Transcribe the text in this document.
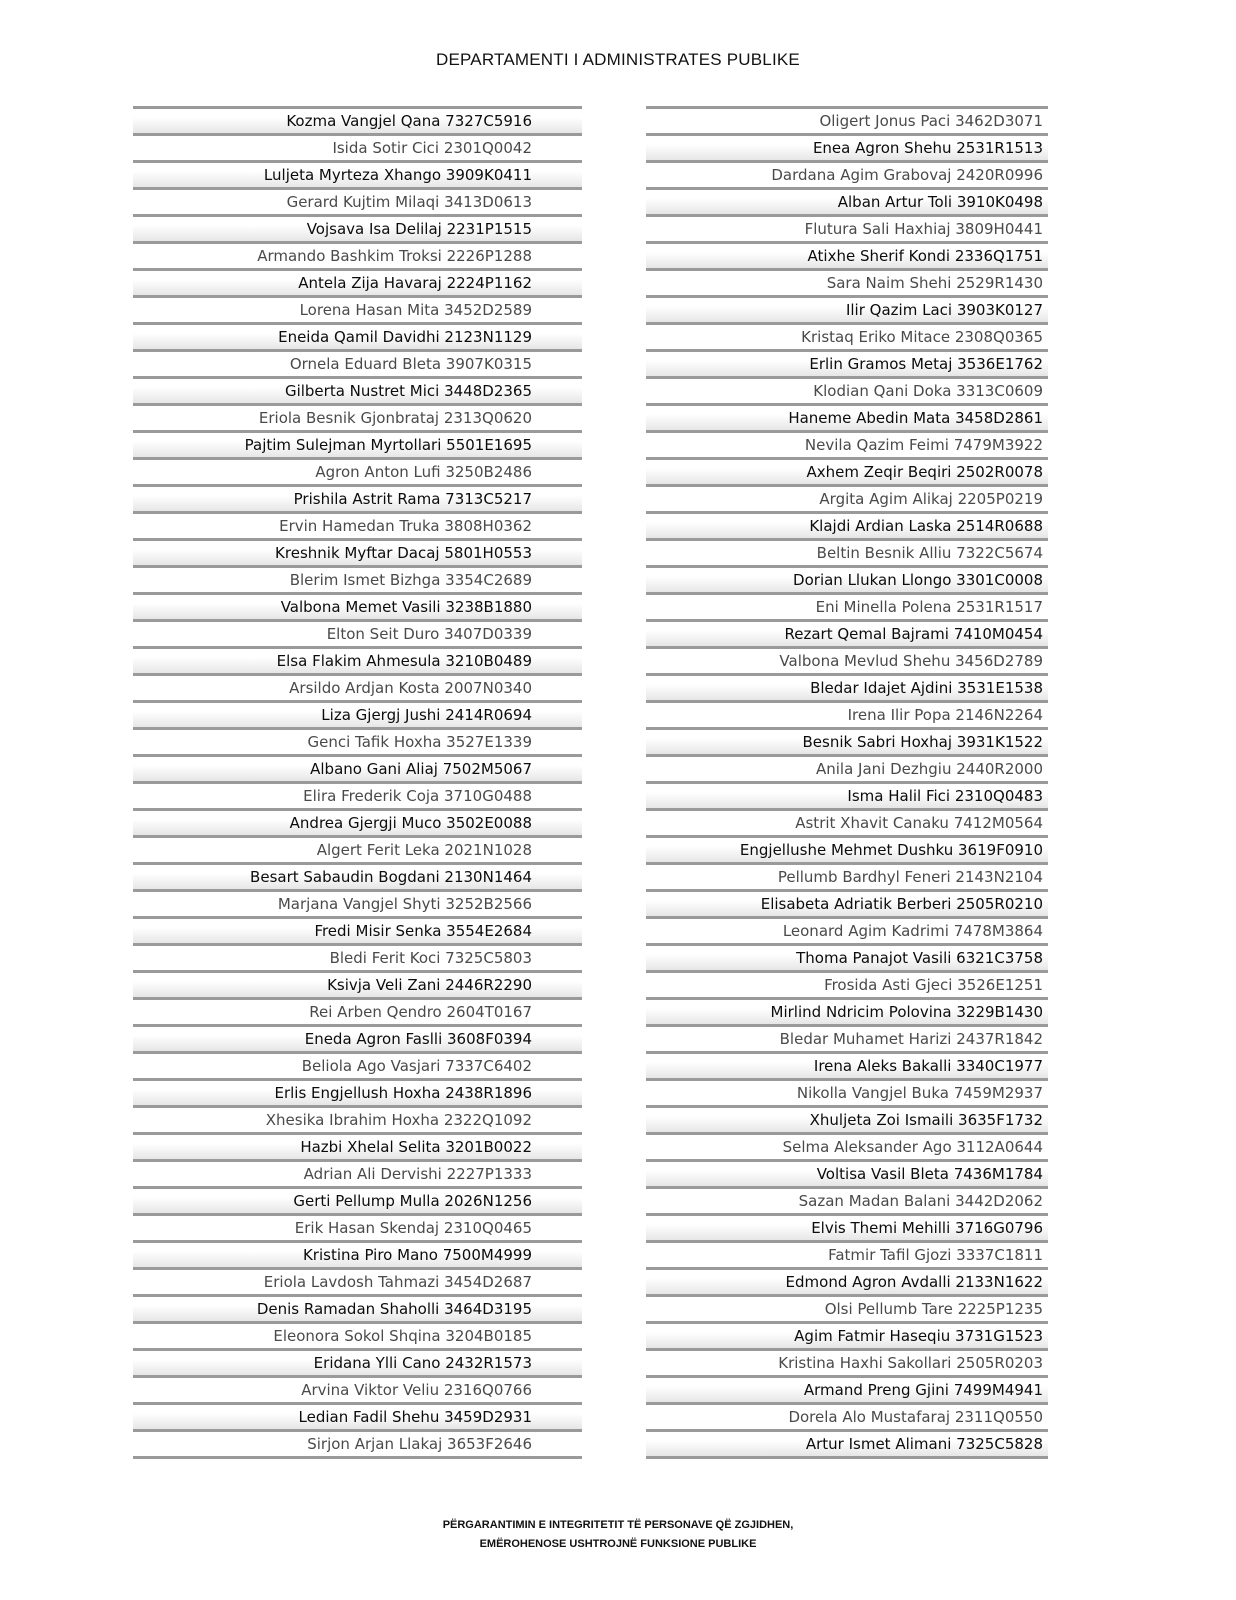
DEPARTAMENTI I ADMINISTRATES PUBLIKE
Kozma Vangjel Qana 7327C5916
Isida Sotir Cici 2301Q0042
Luljeta Myrteza Xhango 3909K0411
Gerard Kujtim Milaqi 3413D0613
Vojsava Isa Delilaj 2231P1515
Armando Bashkim Troksi 2226P1288
Antela Zija Havaraj 2224P1162
Lorena Hasan Mita 3452D2589
Eneida Qamil Davidhi 2123N1129
Ornela Eduard Bleta 3907K0315
Gilberta Nustret Mici 3448D2365
Eriola Besnik Gjonbrataj 2313Q0620
Pajtim Sulejman Myrtollari 5501E1695
Agron Anton Lufi 3250B2486
Prishila Astrit Rama 7313C5217
Ervin Hamedan Truka 3808H0362
Kreshnik Myftar Dacaj 5801H0553
Blerim Ismet Bizhga 3354C2689
Valbona Memet Vasili 3238B1880
Elton Seit Duro 3407D0339
Elsa Flakim Ahmesula 3210B0489
Arsildo Ardjan Kosta 2007N0340
Liza Gjergj Jushi 2414R0694
Genci Tafik Hoxha 3527E1339
Albano Gani Aliaj 7502M5067
Elira Frederik Coja 3710G0488
Andrea Gjergji Muco 3502E0088
Algert Ferit Leka 2021N1028
Besart Sabaudin Bogdani 2130N1464
Marjana Vangjel Shyti 3252B2566
Fredi Misir Senka 3554E2684
Bledi Ferit Koci 7325C5803
Ksivja Veli Zani 2446R2290
Rei Arben Qendro 2604T0167
Eneda Agron Faslli 3608F0394
Beliola Ago Vasjari 7337C6402
Erlis Engjellush Hoxha 2438R1896
Xhesika Ibrahim Hoxha 2322Q1092
Hazbi Xhelal Selita 3201B0022
Adrian Ali Dervishi 2227P1333
Gerti Pellump Mulla 2026N1256
Erik Hasan Skendaj 2310Q0465
Kristina Piro Mano 7500M4999
Eriola Lavdosh Tahmazi 3454D2687
Denis Ramadan Shaholli 3464D3195
Eleonora Sokol Shqina 3204B0185
Eridana Ylli Cano 2432R1573
Arvina Viktor Veliu 2316Q0766
Ledian Fadil Shehu 3459D2931
Sirjon Arjan Llakaj 3653F2646
Oligert Jonus Paci 3462D3071
Enea Agron Shehu 2531R1513
Dardana Agim Grabovaj 2420R0996
Alban Artur Toli 3910K0498
Flutura Sali Haxhiaj 3809H0441
Atixhe Sherif Kondi 2336Q1751
Sara Naim Shehi 2529R1430
Ilir Qazim Laci 3903K0127
Kristaq Eriko Mitace 2308Q0365
Erlin Gramos Metaj 3536E1762
Klodian Qani Doka 3313C0609
Haneme Abedin Mata 3458D2861
Nevila Qazim Feimi 7479M3922
Axhem Zeqir Beqiri 2502R0078
Argita Agim Alikaj 2205P0219
Klajdi Ardian Laska 2514R0688
Beltin Besnik Alliu 7322C5674
Dorian Llukan Llongo 3301C0008
Eni Minella Polena 2531R1517
Rezart Qemal Bajrami 7410M0454
Valbona Mevlud Shehu 3456D2789
Bledar Idajet Ajdini 3531E1538
Irena Ilir Popa 2146N2264
Besnik Sabri Hoxhaj 3931K1522
Anila Jani Dezhgiu 2440R2000
Isma Halil Fici 2310Q0483
Astrit Xhavit Canaku 7412M0564
Engjellushe Mehmet Dushku 3619F0910
Pellumb Bardhyl Feneri 2143N2104
Elisabeta Adriatik Berberi 2505R0210
Leonard Agim Kadrimi 7478M3864
Thoma Panajot Vasili 6321C3758
Frosida Asti Gjeci 3526E1251
Mirlind Ndricim Polovina 3229B1430
Bledar Muhamet Harizi 2437R1842
Irena Aleks Bakalli 3340C1977
Nikolla Vangjel Buka 7459M2937
Xhuljeta Zoi Ismaili 3635F1732
Selma Aleksander Ago 3112A0644
Voltisa Vasil Bleta 7436M1784
Sazan Madan Balani 3442D2062
Elvis Themi Mehilli 3716G0796
Fatmir Tafil Gjozi 3337C1811
Edmond Agron Avdalli 2133N1622
Olsi Pellumb Tare 2225P1235
Agim Fatmir Haseqiu 3731G1523
Kristina Haxhi Sakollari 2505R0203
Armand Preng Gjini 7499M4941
Dorela Alo Mustafaraj 2311Q0550
Artur Ismet Alimani 7325C5828
PËRGARANTIMIN E INTEGRITETIT TË PERSONAVE QË ZGJIDHEN,
EMËROHENOSE USHTROJNË FUNKSIONE PUBLIKE
